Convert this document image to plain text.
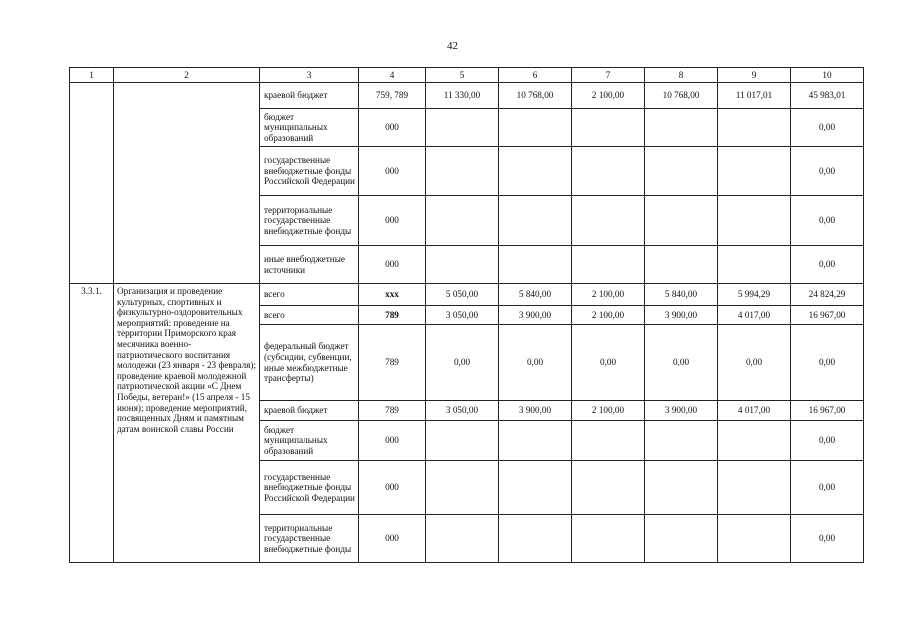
42
1	2	3	4	5	6	7	8	9	10
		краевой бюджет	759, 789	11 330,00	10 768,00	2 100,00	10 768,00	11 017,01	45 983,01
		бюджет муниципальных образований	000						0,00
		государственные внебюджетные фонды Российской Федерации	000						0,00
		территориальные государственные внебюджетные фонды	000						0,00
		иные внебюджетные источники	000						0,00
3.3.1.	Организация и проведение культурных, спортивных и физкультурно-оздоровительных мероприятий: проведение на территории Приморского края месячника военно-патриотического воспитания молодежи (23 января - 23 февраля); проведение краевой молодежной патриотической акции «С Днем Победы, ветеран!» (15 апреля - 15 июня); проведение мероприятий, посвященных Дням и памятным датам воинской славы России	всего	ххх	5 050,00	5 840,00	2 100,00	5 840,00	5 994,29	24 824,29
		всего	789	3 050,00	3 900,00	2 100,00	3 900,00	4 017,00	16 967,00
		федеральный бюджет (субсидии, субвенции, иные межбюджетные трансферты)	789	0,00	0,00	0,00	0,00	0,00	0,00
		краевой бюджет	789	3 050,00	3 900,00	2 100,00	3 900,00	4 017,00	16 967,00
		бюджет муниципальных образований	000						0,00
		государственные внебюджетные фонды Российской Федерации	000						0,00
		территориальные государственные внебюджетные фонды	000						0,00
